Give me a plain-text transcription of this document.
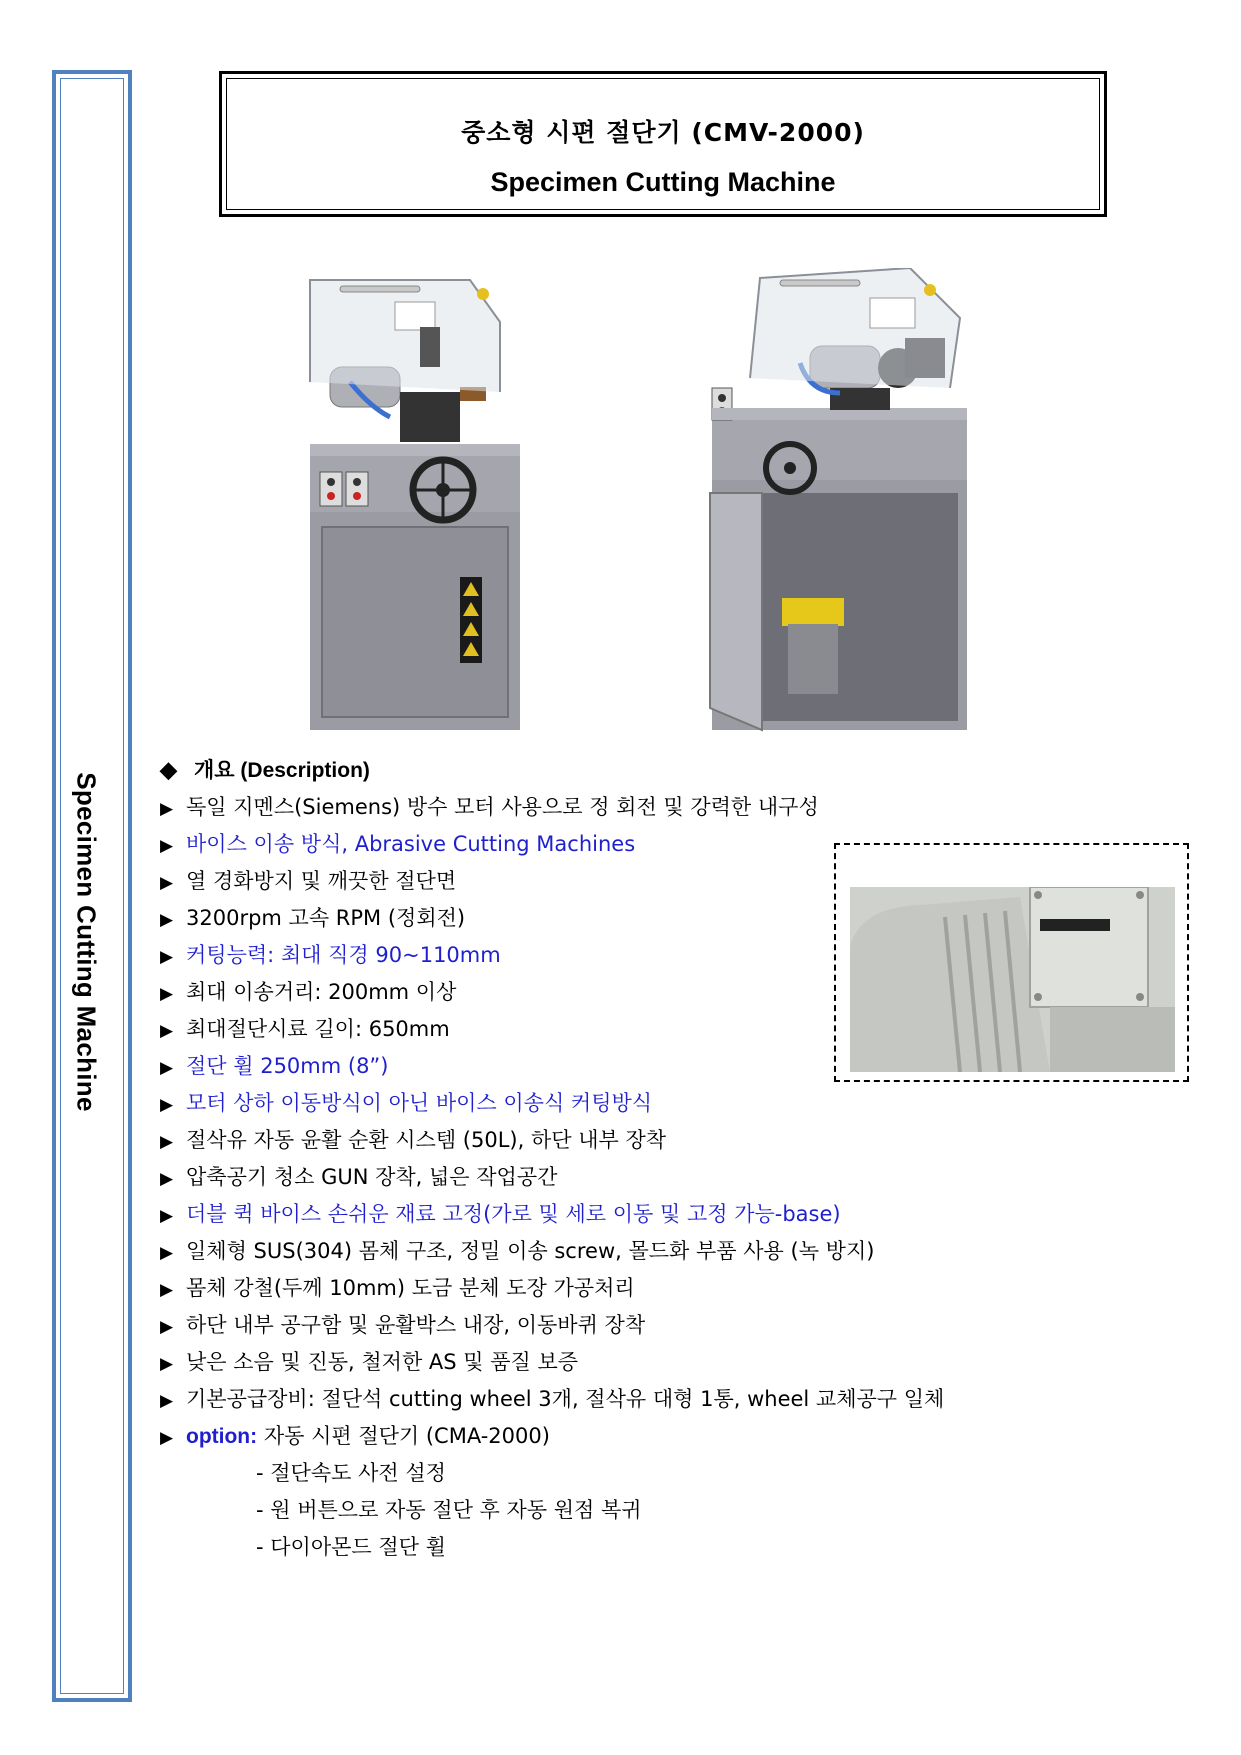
Specimen Cutting Machine
중소형 시편 절단기 (CMV-2000)
Specimen Cutting Machine
◆ 개요 (Description)
▶ 독일 지멘스(Siemens) 방수 모터 사용으로 정 회전 및 강력한 내구성
▶ 바이스 이송 방식, Abrasive Cutting Machines
▶ 열 경화방지 및 깨끗한 절단면
▶ 3200rpm 고속 RPM (정회전)
▶ 커팅능력: 최대 직경 90~110mm
▶ 최대 이송거리: 200mm 이상
▶ 최대절단시료 길이: 650mm
▶ 절단 휠 250mm (8”)
▶ 모터 상하 이동방식이 아닌 바이스 이송식 커팅방식
▶ 절삭유 자동 윤활 순환 시스템 (50L), 하단 내부 장착
▶ 압축공기 청소 GUN 장착, 넓은 작업공간
▶ 더블 퀵 바이스 손쉬운 재료 고정(가로 및 세로 이동 및 고정 가능-base)
▶ 일체형 SUS(304) 몸체 구조, 정밀 이송 screw, 몰드화 부품 사용 (녹 방지)
▶ 몸체 강철(두께 10mm) 도금 분체 도장 가공처리
▶ 하단 내부 공구함 및 윤활박스 내장, 이동바퀴 장착
▶ 낮은 소음 및 진동, 철저한 AS 및 품질 보증
▶ 기본공급장비: 절단석 cutting wheel 3개, 절삭유 대형 1통, wheel 교체공구 일체
▶ option: 자동 시편 절단기 (CMA-2000)
- 절단속도 사전 설정
- 원 버튼으로 자동 절단 후 자동 원점 복귀
- 다이아몬드 절단 휠
